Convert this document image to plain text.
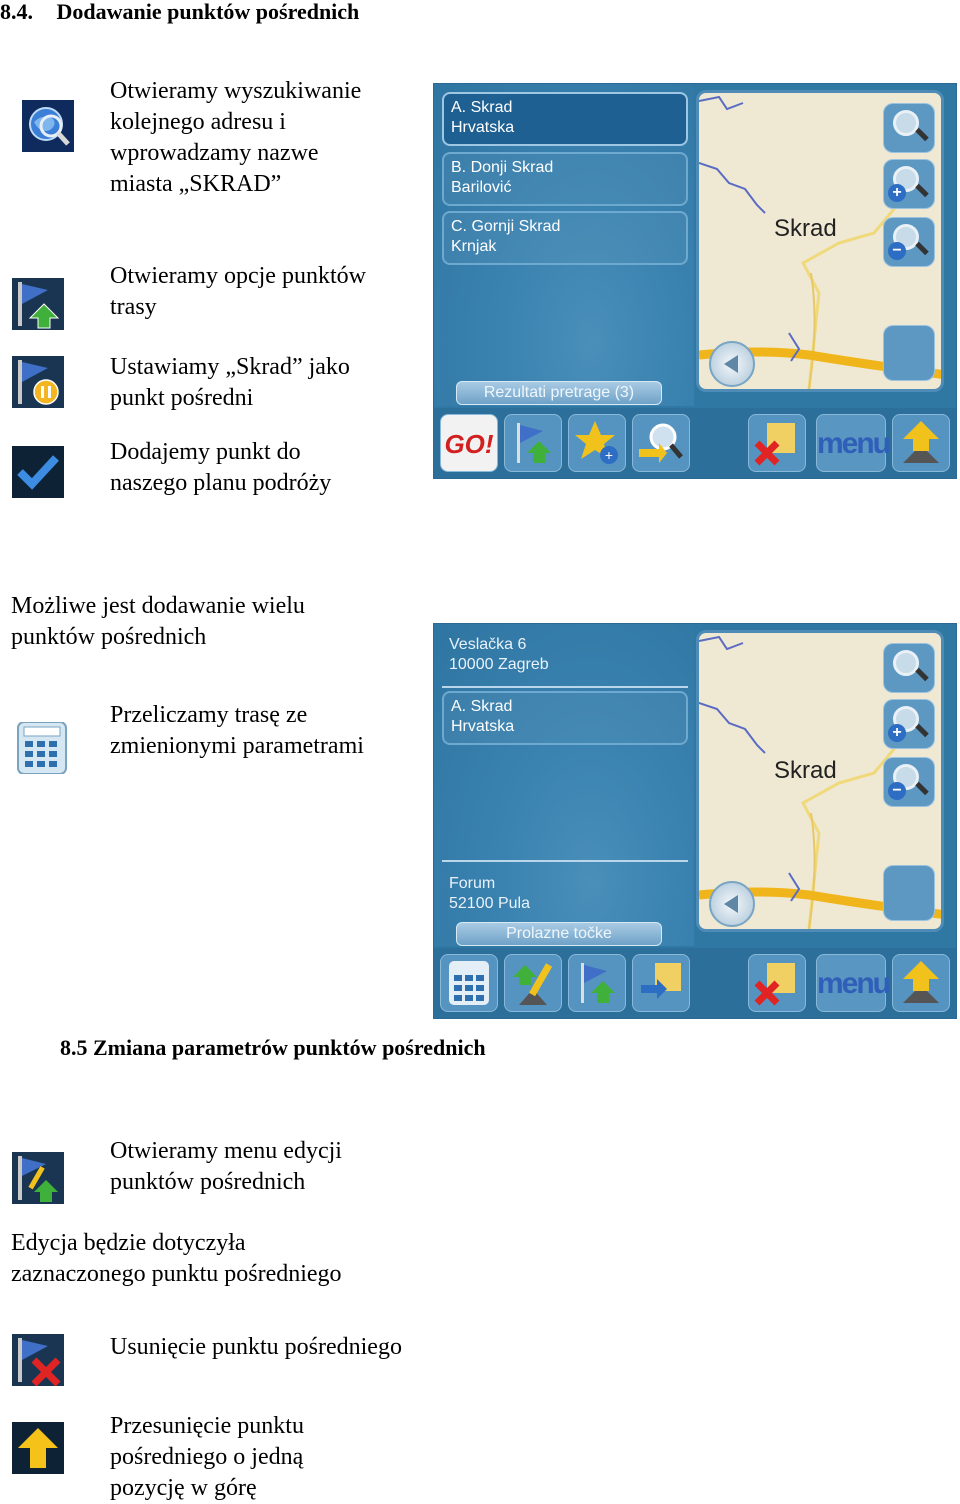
8.4. Dodawanie punktów pośrednich
Otwieramy wyszukiwanie
kolejnego adresu i
wprowadzamy nazwe
miasta „SKRAD”
Otwieramy opcje punktów
trasy
Ustawiamy „Skrad” jako
punkt pośredni
Dodajemy punkt do
naszego planu podróży
A. Skrad
Hrvatska
B. Donji Skrad
Barilović
C. Gornji Skrad
Krnjak
Rezultati pretrage (3)
Skrad
+
−
GO!	+	menu
Możliwe jest dodawanie wielu
punktów pośrednich
Przeliczamy trasę ze
zmienionymi parametrami
Veslačka 6
10000 Zagreb
A. Skrad
Hrvatska
Forum
52100 Pula
Prolazne točke
Skrad
+
−
menu
8.5 Zmiana parametrów punktów pośrednich
Otwieramy menu edycji
punktów pośrednich
Edycja będzie dotyczyła
zaznaczonego punktu pośredniego
Usunięcie punktu pośredniego
Przesunięcie punktu
pośredniego o jedną
pozycję w górę
